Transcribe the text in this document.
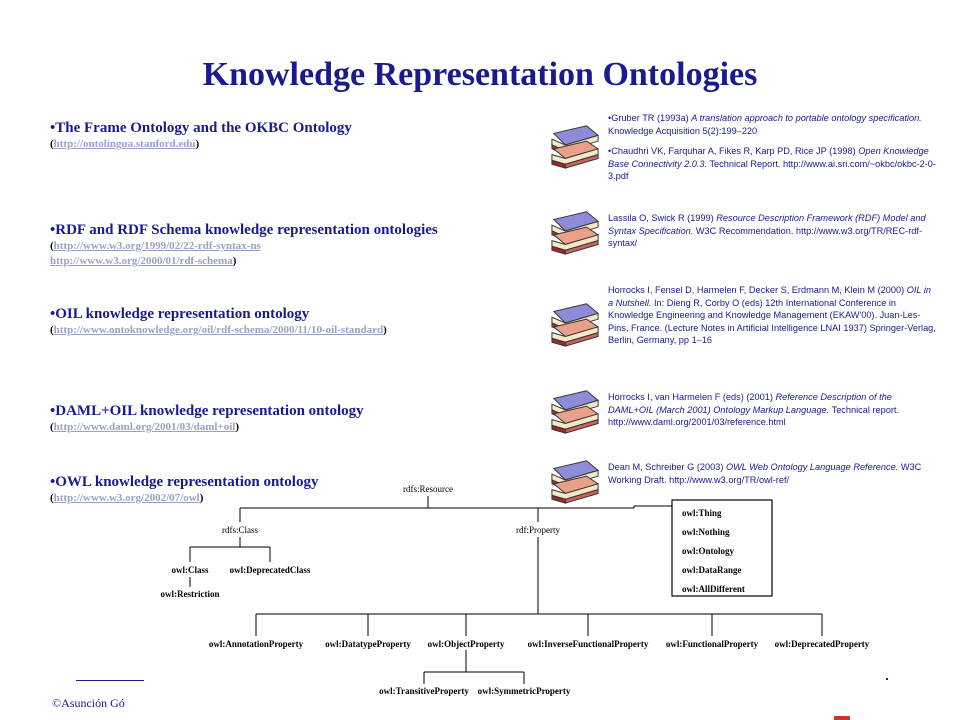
Knowledge Representation Ontologies
•The Frame Ontology and the OKBC Ontology
(http://ontolingua.stanford.edu)
•RDF and RDF Schema knowledge representation ontologies
(http://www.w3.org/1999/02/22-rdf-syntax-ns
http://www.w3.org/2000/01/rdf-schema)
•OIL knowledge representation ontology
(http://www.ontoknowledge.org/oil/rdf-schema/2000/11/10-oil-standard)
•DAML+OIL knowledge representation ontology
(http://www.daml.org/2001/03/daml+oil)
•OWL knowledge representation ontology
(http://www.w3.org/2002/07/owl)

•Gruber TR (1993a) A translation approach to portable ontology specification. Knowledge Acquisition 5(2):199–220

•Chaudhri VK, Farquhar A, Fikes R, Karp PD, Rice JP (1998) Open Knowledge Base Connectivity 2.0.3. Technical Report. http://www.ai.sri.com/~okbc/okbc-2-0-3.pdf

Lassila O, Swick R (1999) Resource Description Framework (RDF) Model and Syntax Specification. W3C Recommendation. http://www.w3.org/TR/REC-rdf-syntax/

Horrocks I, Fensel D, Harmelen F, Decker S, Erdmann M, Klein M (2000) OIL in a Nutshell. In: Dieng R, Corby O (eds) 12th International Conference in Knowledge Engineering and Knowledge Management (EKAW'00). Juan-Les-Pins, France. (Lecture Notes in Artificial Intelligence LNAI 1937) Springer-Verlag, Berlin, Germany, pp 1–16

Horrocks I, van Harmelen F (eds) (2001) Reference Description of the DAML+OIL (March 2001) Ontology Markup Language. Technical report. http://www.daml.org/2001/03/reference.html

Dean M, Schreiber G (2003) OWL Web Ontology Language Reference. W3C Working Draft. http://www.w3.org/TR/owl-ref/

rdfs:Resource
rdfs:Class	rdf:Property
owl:Class owl:DeprecatedClass
owl:Restriction
owl:AnnotationProperty owl:DatatypeProperty owl:ObjectProperty	owl:InverseFunctionalProperty owl:FunctionalProperty owl:DeprecatedProperty
owl:TransitiveProperty owl:SymmetricProperty
owl:Thing
owl:Nothing
owl:Ontology
owl:DataRange
owl:AllDifferent
©Asunción Gó
